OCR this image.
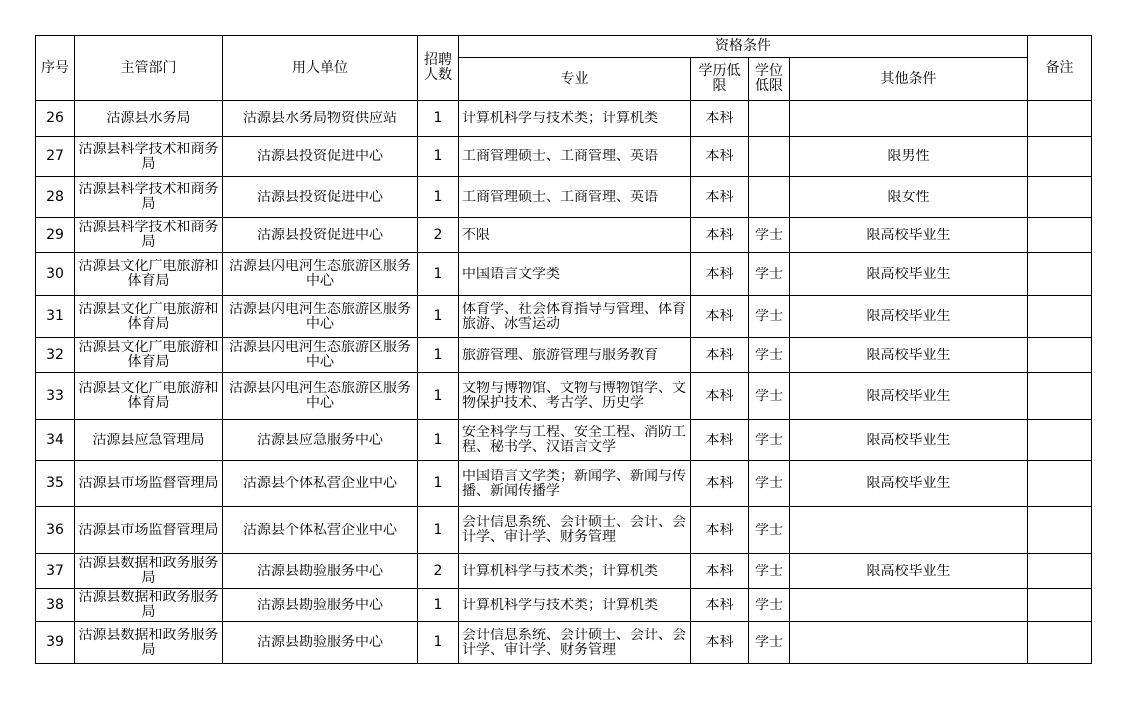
序号	主管部门	用人单位	招聘人数	资格条件				备注
				专业	学历低限	学位低限	其他条件	

26	沽源县水务局	沽源县水务局物资供应站	1	计算机科学与技术类；计算机类	本科			

27	沽源县科学技术和商务局	沽源县投资促进中心	1	工商管理硕士、工商管理、英语	本科		限男性	

28	沽源县科学技术和商务局	沽源县投资促进中心	1	工商管理硕士、工商管理、英语	本科		限女性	

29	沽源县科学技术和商务局	沽源县投资促进中心	2	不限	本科	学士	限高校毕业生	

30	沽源县文化广电旅游和体育局	沽源县闪电河生态旅游区服务中心	1	中国语言文学类	本科	学士	限高校毕业生	

31	沽源县文化广电旅游和体育局	沽源县闪电河生态旅游区服务中心	1	体育学、社会体育指导与管理、体育旅游、冰雪运动	本科	学士	限高校毕业生	

32	沽源县文化广电旅游和体育局	沽源县闪电河生态旅游区服务中心	1	旅游管理、旅游管理与服务教育	本科	学士	限高校毕业生	

33	沽源县文化广电旅游和体育局	沽源县闪电河生态旅游区服务中心	1	文物与博物馆、文物与博物馆学、文物保护技术、考古学、历史学	本科	学士	限高校毕业生	

34	沽源县应急管理局	沽源县应急服务中心	1	安全科学与工程、安全工程、消防工程、秘书学、汉语言文学	本科	学士	限高校毕业生	

35	沽源县市场监督管理局	沽源县个体私营企业中心	1	中国语言文学类；新闻学、新闻与传播、新闻传播学	本科	学士	限高校毕业生	

36	沽源县市场监督管理局	沽源县个体私营企业中心	1	会计信息系统、会计硕士、会计、会计学、审计学、财务管理	本科	学士		

37	沽源县数据和政务服务局	沽源县勘验服务中心	2	计算机科学与技术类；计算机类	本科	学士	限高校毕业生	

38	沽源县数据和政务服务局	沽源县勘验服务中心	1	计算机科学与技术类；计算机类	本科	学士		

39	沽源县数据和政务服务局	沽源县勘验服务中心	1	会计信息系统、会计硕士、会计、会计学、审计学、财务管理	本科	学士		
